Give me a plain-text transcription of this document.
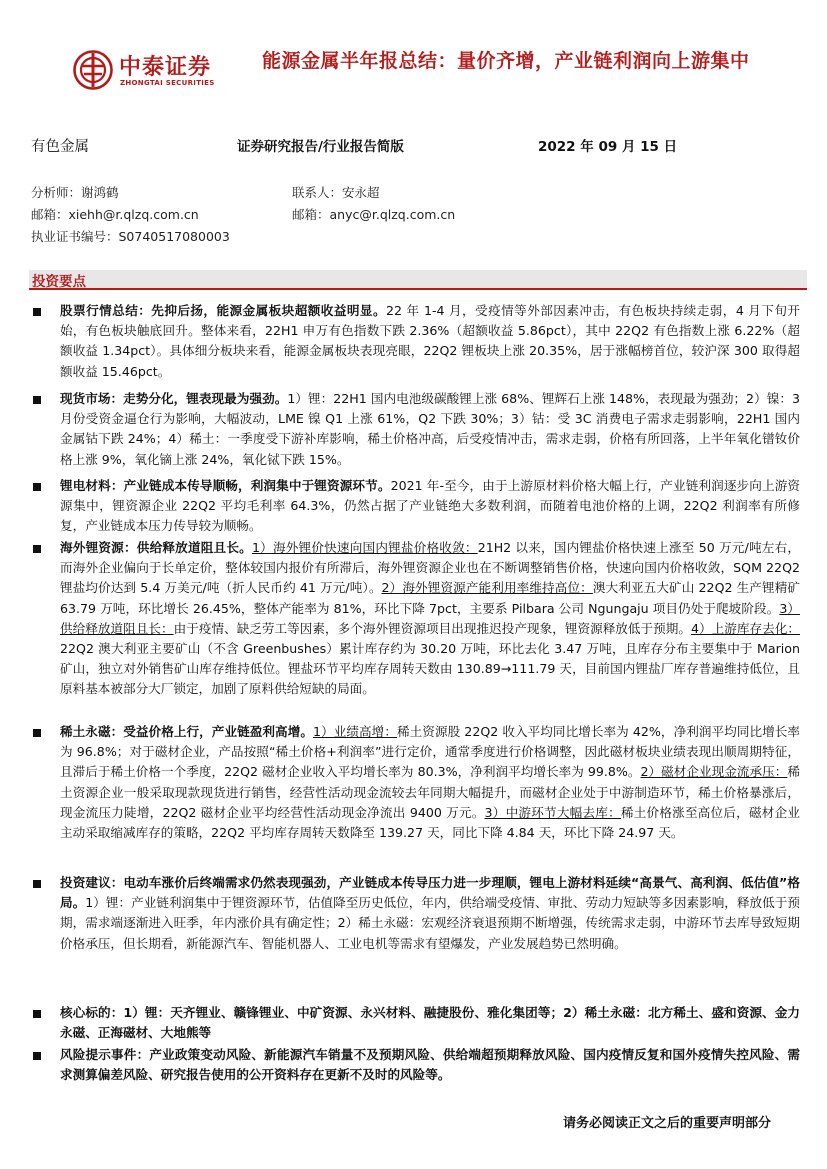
中泰证券
ZHONGTAI SECURITIES
能源金属半年报总结：量价齐增，产业链利润向上游集中
有色金属	证券研究报告/行业报告简版	2022 年 09 月 15 日
分析师：谢鸿鹤
邮箱：xiehh@r.qlzq.com.cn
执业证书编号：S0740517080003
联系人：安永超
邮箱：anyc@r.qlzq.com.cn
投资要点
股票行情总结：先抑后扬，能源金属板块超额收益明显。22 年 1-4 月，受疫情等外部因素冲击，有色板块持续走弱，4 月下旬开始，有色板块触底回升。整体来看，22H1 申万有色指数下跌 2.36%（超额收益 5.86pct），其中 22Q2 有色指数上涨 6.22%（超额收益 1.34pct）。具体细分板块来看，能源金属板块表现亮眼，22Q2 锂板块上涨 20.35%，居于涨幅榜首位，较沪深 300 取得超额收益 15.46pct。
现货市场：走势分化，锂表现最为强劲。1）锂：22H1 国内电池级碳酸锂上涨 68%、锂辉石上涨 148%，表现最为强劲；2）镍：3 月份受资金逼仓行为影响，大幅波动，LME 镍 Q1 上涨 61%，Q2 下跌 30%；3）钴：受 3C 消费电子需求走弱影响，22H1 国内金属钴下跌 24%；4）稀土：一季度受下游补库影响，稀土价格冲高，后受疫情冲击，需求走弱，价格有所回落，上半年氧化镨钕价格上涨 9%，氧化镝上涨 24%，氧化铽下跌 15%。
锂电材料：产业链成本传导顺畅，利润集中于锂资源环节。2021 年-至今，由于上游原材料价格大幅上行，产业链利润逐步向上游资源集中，锂资源企业 22Q2 平均毛利率 64.3%，仍然占据了产业链绝大多数利润，而随着电池价格的上调，22Q2 利润率有所修复，产业链成本压力传导较为顺畅。
海外锂资源：供给释放道阻且长。1）海外锂价快速向国内锂盐价格收敛：21H2 以来，国内锂盐价格快速上涨至 50 万元/吨左右，而海外企业偏向于长单定价，整体较国内报价有所滞后，海外锂资源企业也在不断调整销售价格，快速向国内价格收敛，SQM 22Q2 锂盐均价达到 5.4 万美元/吨（折人民币约 41 万元/吨）。2）海外锂资源产能利用率维持高位：澳大利亚五大矿山 22Q2 生产锂精矿 63.79 万吨，环比增长 26.45%，整体产能率为 81%，环比下降 7pct，主要系 Pilbara 公司 Ngungaju 项目仍处于爬坡阶段。3）供给释放道阻且长：由于疫情、缺乏劳工等因素，多个海外锂资源项目出现推迟投产现象，锂资源释放低于预期。4）上游库存去化：22Q2 澳大利亚主要矿山（不含 Greenbushes）累计库存约为 30.20 万吨，环比去化 3.47 万吨，且库存分布主要集中于 Marion 矿山，独立对外销售矿山库存维持低位。锂盐环节平均库存周转天数由 130.89→111.79 天，目前国内锂盐厂库存普遍维持低位，且原料基本被部分大厂锁定，加剧了原料供给短缺的局面。
稀土永磁：受益价格上行，产业链盈利高增。1）业绩高增：稀土资源股 22Q2 收入平均同比增长率为 42%，净利润平均同比增长率为 96.8%；对于磁材企业，产品按照“稀土价格+利润率”进行定价，通常季度进行价格调整，因此磁材板块业绩表现出顺周期特征，且滞后于稀土价格一个季度，22Q2 磁材企业收入平均增长率为 80.3%，净利润平均增长率为 99.8%。2）磁材企业现金流承压：稀土资源企业一般采取现款现货进行销售，经营性活动现金流较去年同期大幅提升，而磁材企业处于中游制造环节，稀土价格暴涨后，现金流压力陡增，22Q2 磁材企业平均经营性活动现金净流出 9400 万元。3）中游环节大幅去库：稀土价格涨至高位后，磁材企业主动采取缩减库存的策略，22Q2 平均库存周转天数降至 139.27 天，同比下降 4.84 天，环比下降 24.97 天。
投资建议：电动车涨价后终端需求仍然表现强劲，产业链成本传导压力进一步理顺，锂电上游材料延续“高景气、高利润、低估值”格局。1）锂：产业链利润集中于锂资源环节，估值降至历史低位，年内，供给端受疫情、审批、劳动力短缺等多因素影响，释放低于预期，需求端逐渐进入旺季，年内涨价具有确定性；2）稀土永磁：宏观经济衰退预期不断增强，传统需求走弱，中游环节去库导致短期价格承压，但长期看，新能源汽车、智能机器人、工业电机等需求有望爆发，产业发展趋势已然明确。
核心标的：1）锂：天齐锂业、赣锋锂业、中矿资源、永兴材料、融捷股份、雅化集团等；2）稀土永磁：北方稀土、盛和资源、金力永磁、正海磁材、大地熊等
风险提示事件：产业政策变动风险、新能源汽车销量不及预期风险、供给端超预期释放风险、国内疫情反复和国外疫情失控风险、需求测算偏差风险、研究报告使用的公开资料存在更新不及时的风险等。
请务必阅读正文之后的重要声明部分
